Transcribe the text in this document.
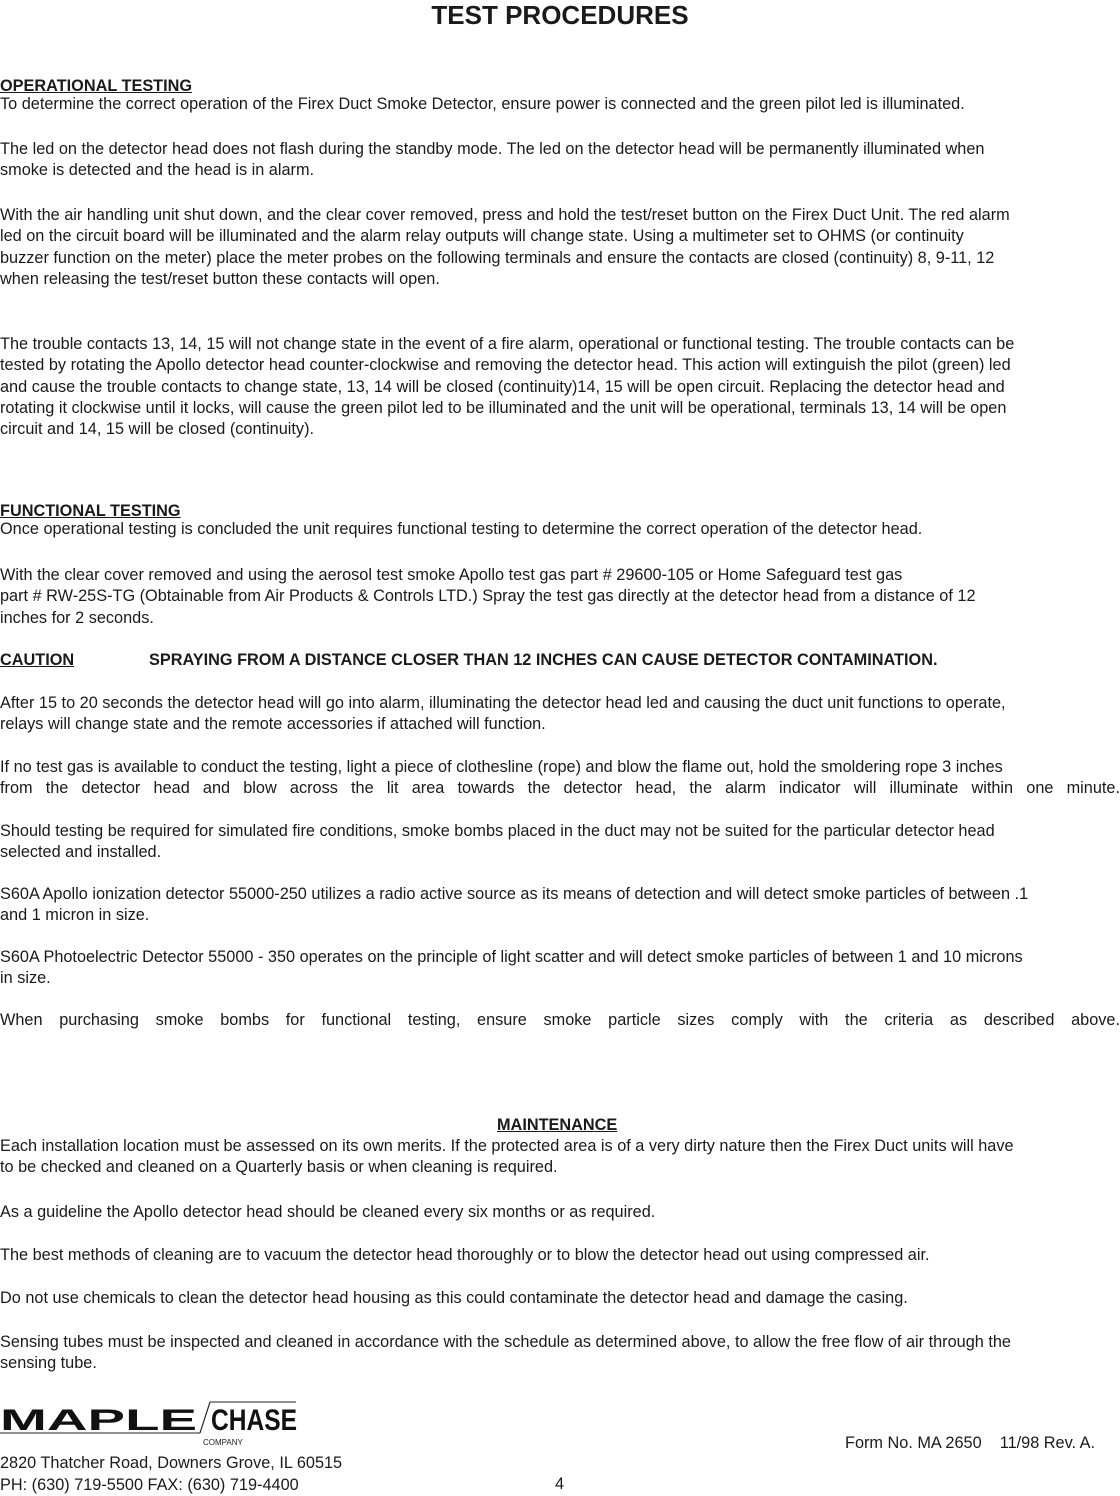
TEST PROCEDURES
OPERATIONAL TESTING
To determine the correct operation of the Firex Duct Smoke Detector, ensure power is connected and the green pilot led is illuminated.
The led on the detector head does not flash during the standby mode. The led on the detector head will be permanently illuminated when
smoke is detected and the head is in alarm.
With the air handling unit shut down, and the clear cover removed, press and hold the test/reset button on the Firex Duct Unit. The red alarm
led on the circuit board will be illuminated and the alarm relay outputs will change state. Using a multimeter set to OHMS (or continuity
buzzer function on the meter) place the meter probes on the following terminals and ensure the contacts are closed (continuity) 8, 9-11, 12
when releasing the test/reset button these contacts will open.
The trouble contacts 13, 14, 15 will not change state in the event of a fire alarm, operational or functional testing. The trouble contacts can be
tested by rotating the Apollo detector head counter-clockwise and removing the detector head. This action will extinguish the pilot (green) led
and cause the trouble contacts to change state, 13, 14 will be closed (continuity)14, 15 will be open circuit. Replacing the detector head and
rotating it clockwise until it locks, will cause the green pilot led to be illuminated and the unit will be operational, terminals 13, 14 will be open
circuit and 14, 15 will be closed (continuity).
FUNCTIONAL TESTING
Once operational testing is concluded the unit requires functional testing to determine the correct operation of the detector head.
With the clear cover removed and using the aerosol test smoke Apollo test gas part # 29600-105 or Home Safeguard test gas
part # RW-25S-TG (Obtainable from Air Products & Controls LTD.) Spray the test gas directly at the detector head from a distance of 12
inches for 2 seconds.
CAUTION	SPRAYING FROM A DISTANCE CLOSER THAN 12 INCHES CAN CAUSE DETECTOR CONTAMINATION.
After 15 to 20 seconds the detector head will go into alarm, illuminating the detector head led and causing the duct unit functions to operate,
relays will change state and the remote accessories if attached will function.
If no test gas is available to conduct the testing, light a piece of clothesline (rope) and blow the flame out, hold the smoldering rope 3 inches
from the detector head and blow across the lit area towards the detector head, the alarm indicator will illuminate within one minute.
Should testing be required for simulated fire conditions, smoke bombs placed in the duct may not be suited for the particular detector head
selected and installed.
S60A Apollo ionization detector 55000-250 utilizes a radio active source as its means of detection and will detect smoke particles of between .1
and 1 micron in size.
S60A Photoelectric Detector 55000 - 350 operates on the principle of light scatter and will detect smoke particles of between 1 and 10 microns
in size.
When purchasing smoke bombs for functional testing, ensure smoke particle sizes comply with the criteria as described above.
MAINTENANCE
Each installation location must be assessed on its own merits. If the protected area is of a very dirty nature then the Firex Duct units will have
to be checked and cleaned on a Quarterly basis or when cleaning is required.
As a guideline the Apollo detector head should be cleaned every six months or as required.
The best methods of cleaning are to vacuum the detector head thoroughly or to blow the detector head out using compressed air.
Do not use chemicals to clean the detector head housing as this could contaminate the detector head and damage the casing.
Sensing tubes must be inspected and cleaned in accordance with the schedule as determined above, to allow the free flow of air through the
sensing tube.
MAPLE CHASE
COMPANY	Form No. MA 2650    11/98 Rev. A.
2820 Thatcher Road, Downers Grove, IL 60515
PH: (630) 719-5500 FAX: (630) 719-4400	4
